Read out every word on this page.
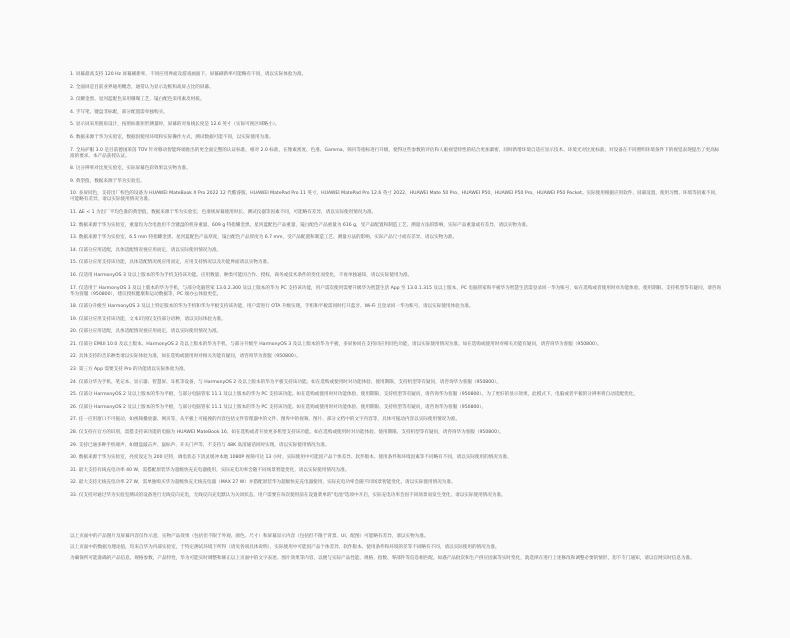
1. 屏幕最高支持 120 Hz 屏幕刷新率，不同应用界面及游戏画面下，屏幕刷新率可能略有不同，请以实际体验为准。
2. 全面屏是目前业界通用概念，通常认为显示边框和高屏占比的屏幕。
3. 仅耀金黑、星河蓝配色采用珊瑚工艺，镜白配色采用素皮材质。
4. 手写笔、键盘非标配，部分配置需单独购买。
5. 显示屏采用圆角设计，按照标准矩形测量时，屏幕的对角线长度是 12.6 英寸（实际可视区域略小）。
6. 数据来源于华为实验室，数据因使用环境和实际操作方式，测试数据可能不同，以实际使用为准。
7. 全局护眼 3.0 是目前德国莱茵 TÜV 针对移动智能终端推出的更全面完整的认证标准，相对 2.0 标准，在像素密度、色准、Gamma、频闪等指标进行升级，使得这些参数的评估和人眼视觉特性的结合更加紧密，同时新增环境自适应显示技术、环境光对比度标准、对设备在不同照明环境条件下的视觉表现提出了更高标准的要求。本产品获授认证。
8. 这分辨率对比度实验室，实际屏幕色彩效果以实物为准。
9. 典型值，数据来源于华为实验室。
10. 多屏同色，支持出厂校色的设备为 HUAWEI MateBook X Pro 2022 12 代酷睿版、HUAWEI MatePad Pro 11 英寸、HUAWEI MatePad Pro 12.6 英寸 2022、HUAWEI Mate 50 Pro、HUAWEI P50、HUAWEI P50 Pro、HUAWEI P50 Pocket。实际使用根据应用软件、屏幕设置、使用习惯、环境等因素不同，可能略有差异，请以实际使用情况为准。
11. ΔE < 1 为出厂平均色准的典型值，数据来源于华为实验室，色准规屏幕使用时长、测试仪器等因素不同，可能略有差异，请以实际使用情况为准。
12. 数据来源于华为实验室，重量均为含电池但不含键盘的机身重量，609 g 特指耀金黑、星河蓝配色产品重量，镜白配色产品重量为 616 g，受产品配置和制造工艺、测量方法的影响，实际产品重量或有差异，请以实物为准。
13. 数据来源于华为实验室，6.5 mm 特指耀金黑、星河蓝配色产品厚度，镜白配色产品厚度为 6.7 mm，受产品配置和制造工艺、测量方法的影响，实际产品尺寸或有差异，请以实物为准。
14. 仅部分应用适配，具体适配情况视应用而定，请以实际使用情况为准。
15. 仅部分应用支持该功能，具体适配情况视应用而定，应用支持情况以及功能界面请以实物为准。
16. 仅适用 HarmonyOS 3 及以上版本的华为手机支持该功能。应用数量、种类可能因合作、授权、商务或技术条件的变化而变化，不再单独通知，请以实际使用为准。
17. 仅适用于 HarmonyOS 3 及以上版本的华为手机，与部分电脑管家 13.0.2.300 及以上版本的华为 PC 支持该功能，用户需次使用需要升级华为智慧生活 App 至 13.0.1.315 及以上版本，PC 电脑管家和平板华为智慧生活需登录同一华为账号，如在选购或者使用时对功能体验、使用期限、支持机型等有疑问，请咨询华为客服（950800），建议授权健康和运动数据等，PC 端办公体验更佳。
18. 仅部分升级至 HarmonyOS 3 及以上特定版本的华为手机和华为平板支持该功能，用户需进行 OTA 升级实现，手机和平板需同时打开蓝牙、Wi-Fi 且登录同一华为账号，请以实际使用体验为准。
19. 仅部分应用支持该功能，文本识别仅支持部分语种，请以实际体验为准。
20. 仅部分应用适配，具体适配情况视应用而定，请以实际使用情况为准。
21. 仅部分 EMUI 10.0 及以上版本、HarmonyOS 2 及以上版本的华为手机，与部分升级至 HarmonyOS 3 及以上版本的华为平板，多屏协同在支持同应用同色功能，请以实际使用情况为准。如在选购或使用时对相关功能有疑问，请咨询华为客服（950800）。
22. 具体支持的音乐种类请以实际体验为准，如在选购或使用时对相关功能有疑问，请咨询华为客服（950800）。
23. 第三方 App 需要支持 Pro 的功能请以实际体验为准。
24. 仅部分华为手机、笔记本、显示器、智慧屏、耳机等设备，与 HarmonyOS 2 及以上版本的华为平板支持该功能。如在选购或使用时对功能体验、使用期限、支持机型等有疑问，请咨询华为客服（950800）。
25. 仅部分 HarmonyOS 2 及以上版本的华为平板，与部分电脑管家 11.1 及以上版本的华为 PC 支持该功能。如在选购或使用时对功能体验、使用期限、支持机型等有疑问，请咨询华为客服（950800）。为了更好的显示效果，此模式下，电脑或者平板的分辨率将自动适配优化。
26. 仅部分 HarmonyOS 2 及以上版本的华为平板，与部分电脑管家 11.1 及以上版本的华为 PC 支持该功能。如在选购或使用时对功能体验、使用期限、支持机型等有疑问，请咨询华为客服（950800）。
27. 任一应用窗口不可拖动，如视频播放器、网页等，从平板上可拖拽的内容包括文件管理器中的文件、图库中的视频、图片、部分文档中的文字内容等，具体可拖动内容以实际使用情况为准。
28. 仅支持在官方的识别，需搭支持该功能的电脑为 HUAWEI MateBook 16、如在选购或者开放更多机型支持该功能。如在选购或使用时对功能体验、使用期限、支持机型等有疑问，请咨询华为客服（950800）。
29. 支持已通多种手机端声，如键盘敲击声、鼠标声、开关门声等，不支持与 48K 高清通话同时实现，请以实际使用情况为准。
30. 数据来源于华为实验室，亮度设定为 200 尼特，调电状态下清灵缓冲本地 1080P 视频可达 13 小时。实际使用中可能因产品个体差异、软件版本、使用条件和环境因素等不同略有不同，请以实际使用的情况为准。
31. 最大支持有线充电功率 40 W，需搭配原装华为超级快充充电器使用，实际充电功率会随不同场景智能变化，请以实际使用情况为准。
32. 最大支持无线充电功率 27 W，需单独购买华为超级快充无线充电器（MAX 27 W）并搭配原装华为超级快充充电器使用，实际充电功率会随不同场景智能变化，请以实际使用情况为准。
33. 仅支持对通过华为实验室测试的设备进行无线反向充电，无线反向充电默认为关闭状态，用户需要在每次使用前在设置菜单的"电池"选项中开启，实际充电功率会因不同场景而发生变化，请以实际使用情况为准。

以上页面中的产品图片及屏幕内容仅作示意，实物产品效果（包括但不限于外观、颜色、尺寸）和屏幕显示内容（包括但不限于背景、UI、配图）可能略有差异，请以实物为准。

以上页面中的数据为理论值，均来自华为内部实验室，于特定测试环境下所得（请见各项具体说明），实际使用中可能因产品个体差异、软件版本、使用条件和环境的差等不同略有不同，请以实际使用的情况为准。

为确保所可能准确的产品信息、规格参数、产品特性，华为可能实时调整和修正以上页面中的文字表述、图片效果等内容，以便与实际产品性能、规格、指数、零部件等信息相匹配。如遇产品批次和生产供应因素等实时变化，就选择在进行上述修改和调整必要的情形，恕不专门通知，请以官网实时信息为准。
